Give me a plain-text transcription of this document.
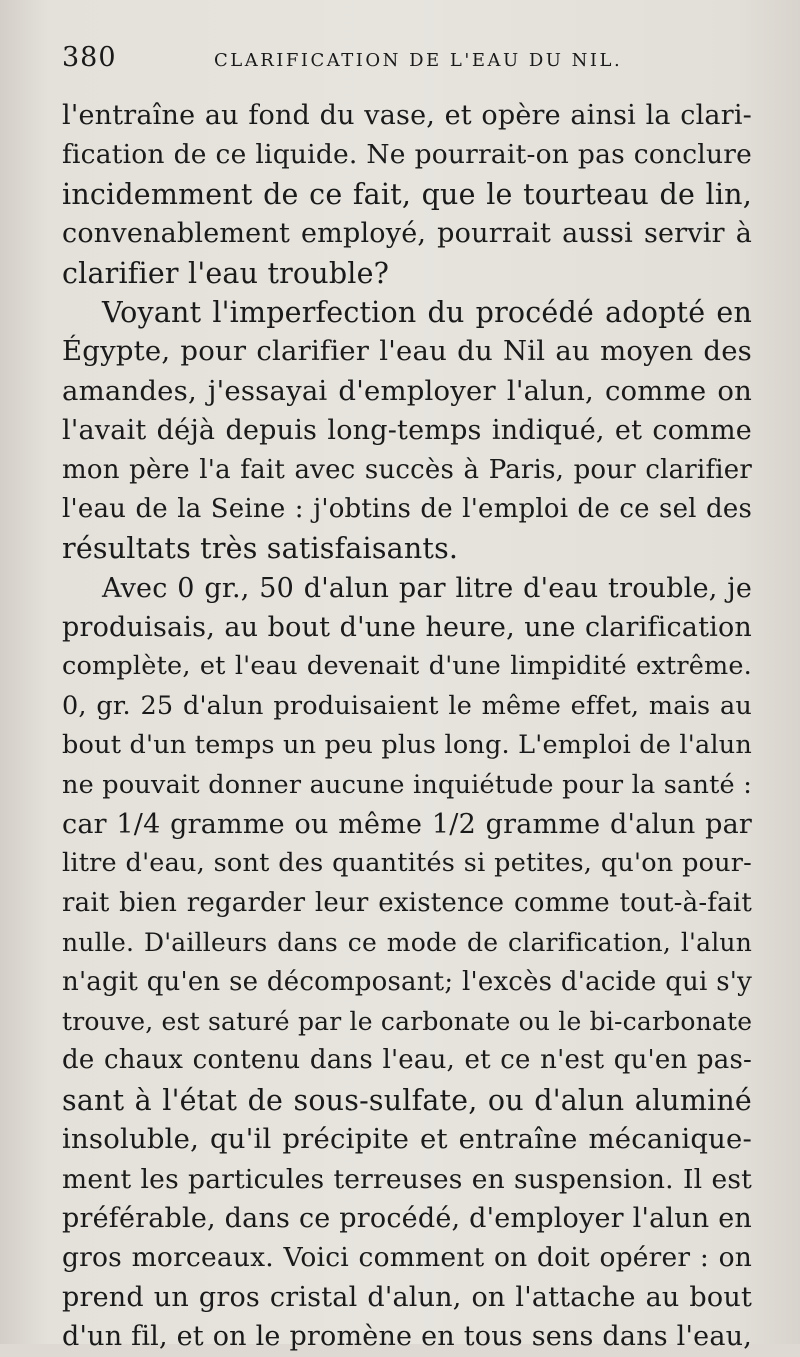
380	CLARIFICATION DE L'EAU DU NIL.
l'entraîne au fond du vase, et opère ainsi la clari-
fication de ce liquide. Ne pourrait-on pas conclure
incidemment de ce fait, que le tourteau de lin,
convenablement employé, pourrait aussi servir à
clarifier l'eau trouble?
Voyant l'imperfection du procédé adopté en
Égypte, pour clarifier l'eau du Nil au moyen des
amandes, j'essayai d'employer l'alun, comme on
l'avait déjà depuis long-temps indiqué, et comme
mon père l'a fait avec succès à Paris, pour clarifier
l'eau de la Seine : j'obtins de l'emploi de ce sel des
résultats très satisfaisants.
Avec 0 gr., 50 d'alun par litre d'eau trouble, je
produisais, au bout d'une heure, une clarification
complète, et l'eau devenait d'une limpidité extrême.
0, gr. 25 d'alun produisaient le même effet, mais au
bout d'un temps un peu plus long. L'emploi de l'alun
ne pouvait donner aucune inquiétude pour la santé :
car 1/4 gramme ou même 1/2 gramme d'alun par
litre d'eau, sont des quantités si petites, qu'on pour-
rait bien regarder leur existence comme tout-à-fait
nulle. D'ailleurs dans ce mode de clarification, l'alun
n'agit qu'en se décomposant; l'excès d'acide qui s'y
trouve, est saturé par le carbonate ou le bi-carbonate
de chaux contenu dans l'eau, et ce n'est qu'en pas-
sant à l'état de sous-sulfate, ou d'alun aluminé
insoluble, qu'il précipite et entraîne mécanique-
ment les particules terreuses en suspension. Il est
préférable, dans ce procédé, d'employer l'alun en
gros morceaux. Voici comment on doit opérer : on
prend un gros cristal d'alun, on l'attache au bout
d'un fil, et on le promène en tous sens dans l'eau,
